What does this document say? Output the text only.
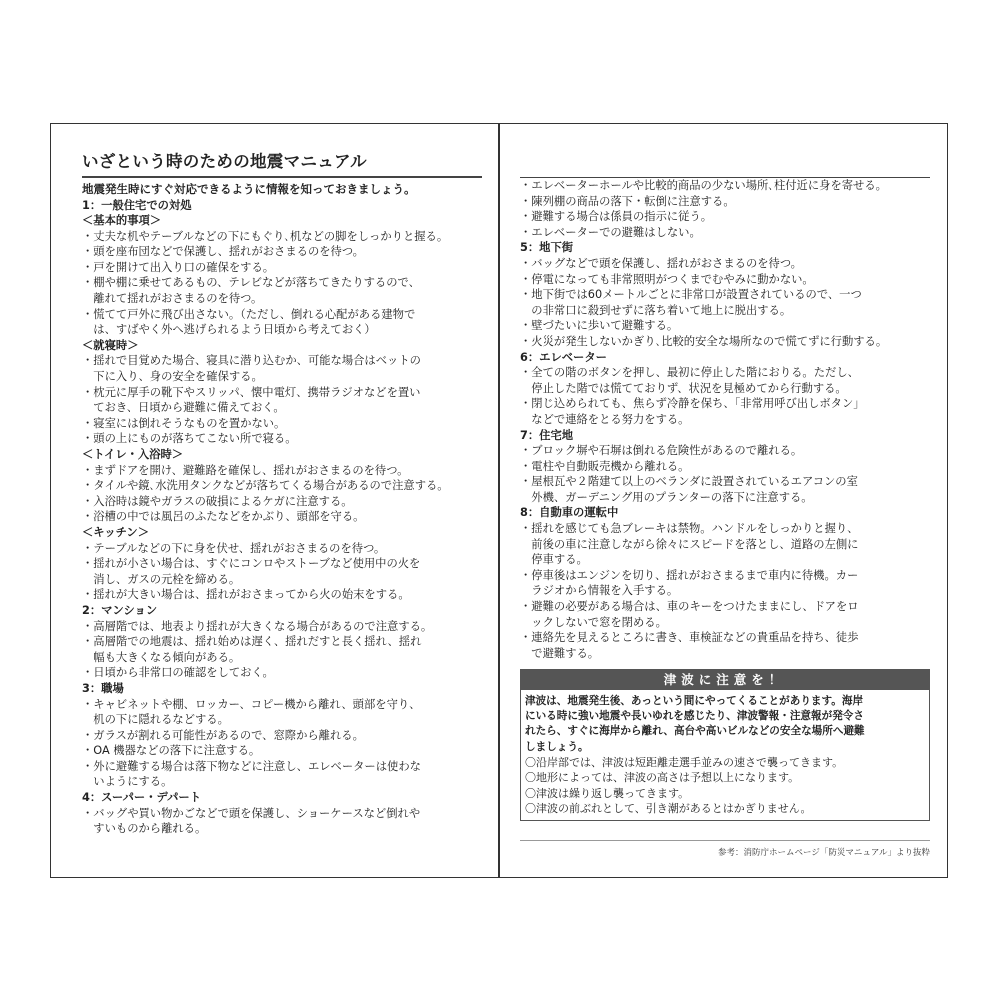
いざという時のための地震マニュアル
地震発生時にすぐ対応できるように情報を知っておきましょう。
1：一般住宅での対処
＜基本的事項＞
・丈夫な机やテーブルなどの下にもぐり､机などの脚をしっかりと握る。
・頭を座布団などで保護し、揺れがおさまるのを待つ。
・戸を開けて出入り口の確保をする。
・棚や棚に乗せてあるもの、テレビなどが落ちてきたりするので、
　離れて揺れがおさまるのを待つ。
・慌てて戸外に飛び出さない。（ただし、倒れる心配がある建物で
　は、すばやく外へ逃げられるよう日頃から考えておく）
＜就寝時＞
・揺れで目覚めた場合、寝具に潜り込むか、可能な場合はベットの
　下に入り、身の安全を確保する。
・枕元に厚手の靴下やスリッパ、懐中電灯、携帯ラジオなどを置い
　ておき、日頃から避難に備えておく。
・寝室には倒れそうなものを置かない。
・頭の上にものが落ちてこない所で寝る。
＜トイレ・入浴時＞
・まずドアを開け、避難路を確保し、揺れがおさまるのを待つ。
・タイルや鏡､水洗用タンクなどが落ちてくる場合があるので注意する。
・入浴時は鏡やガラスの破損によるケガに注意する。
・浴槽の中では風呂のふたなどをかぶり、頭部を守る。
＜キッチン＞
・テーブルなどの下に身を伏せ、揺れがおさまるのを待つ。
・揺れが小さい場合は、すぐにコンロやストーブなど使用中の火を
　消し、ガスの元栓を締める。
・揺れが大きい場合は、揺れがおさまってから火の始末をする。
2：マンション
・高層階では、地表より揺れが大きくなる場合があるので注意する。
・高層階での地震は、揺れ始めは遅く、揺れだすと長く揺れ、揺れ
　幅も大きくなる傾向がある。
・日頃から非常口の確認をしておく。
3：職場
・キャビネットや棚、ロッカー、コピー機から離れ、頭部を守り、
　机の下に隠れるなどする。
・ガラスが割れる可能性があるので、窓際から離れる。
・OA 機器などの落下に注意する。
・外に避難する場合は落下物などに注意し、エレベーターは使わな
　いようにする。
4：スーパー・デパート
・バッグや買い物かごなどで頭を保護し、ショーケースなど倒れや
　すいものから離れる。
・エレベーターホールや比較的商品の少ない場所､柱付近に身を寄せる。
・陳列棚の商品の落下・転倒に注意する。
・避難する場合は係員の指示に従う。
・エレベーターでの避難はしない。
5：地下街
・バッグなどで頭を保護し、揺れがおさまるのを待つ。
・停電になっても非常照明がつくまでむやみに動かない。
・地下街では60メートルごとに非常口が設置されているので、一つ
　の非常口に殺到せずに落ち着いて地上に脱出する。
・壁づたいに歩いて避難する。
・火災が発生しないかぎり､比較的安全な場所なので慌てずに行動する。
6：エレベーター
・全ての階のボタンを押し、最初に停止した階におりる。ただし、
　停止した階では慌てておりず、状況を見極めてから行動する。
・閉じ込められても、焦らず冷静を保ち、「非常用呼び出しボタン」
　などで連絡をとる努力をする。
7：住宅地
・ブロック塀や石塀は倒れる危険性があるので離れる。
・電柱や自動販売機から離れる。
・屋根瓦や２階建て以上のベランダに設置されているエアコンの室
　外機、ガーデニング用のプランターの落下に注意する。
8：自動車の運転中
・揺れを感じても急ブレーキは禁物。ハンドルをしっかりと握り、
　前後の車に注意しながら徐々にスピードを落とし、道路の左側に
　停車する。
・停車後はエンジンを切り、揺れがおさまるまで車内に待機。カー
　ラジオから情報を入手する。
・避難の必要がある場合は、車のキーをつけたままにし、ドアをロ
　ックしないで窓を閉める。
・連絡先を見えるところに書き、車検証などの貴重品を持ち、徒歩
　で避難する。
津波に注意を！
津波は、地震発生後、あっという間にやってくることがあります。海岸
にいる時に強い地震や長いゆれを感じたり、津波警報・注意報が発令さ
れたら、すぐに海岸から離れ、高台や高いビルなどの安全な場所へ避難
しましょう。
〇沿岸部では、津波は短距離走選手並みの速さで襲ってきます。
〇地形によっては、津波の高さは予想以上になります。
〇津波は繰り返し襲ってきます。
〇津波の前ぶれとして、引き潮があるとはかぎりません。
参考：消防庁ホームページ「防災マニュアル」より抜粋
